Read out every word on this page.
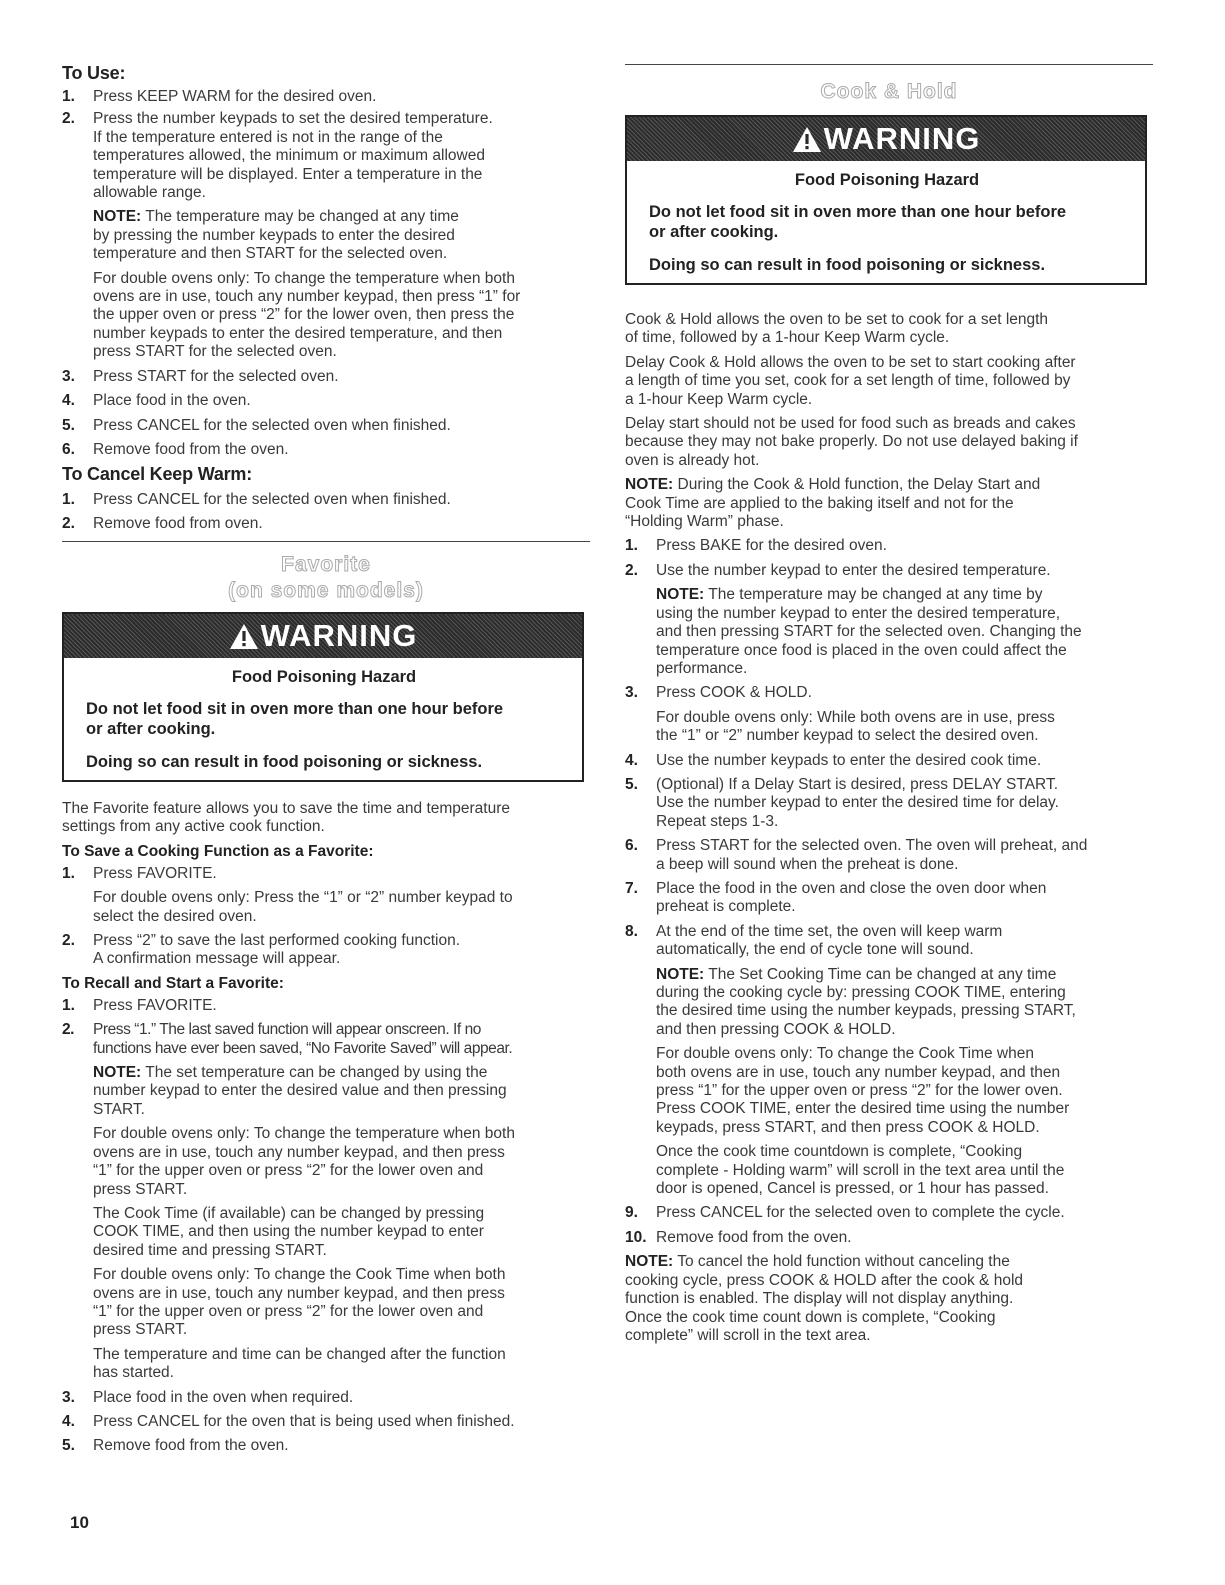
To Use:

1. Press KEEP WARM for the desired oven.

2. Press the number keypads to set the desired temperature.

If the temperature entered is not in the range of the
temperatures allowed, the minimum or maximum allowed
temperature will be displayed. Enter a temperature in the
allowable range.

NOTE: The temperature may be changed at any time
by pressing the number keypads to enter the desired
temperature and then START for the selected oven.

For double ovens only: To change the temperature when both
ovens are in use, touch any number keypad, then press “1” for
the upper oven or press “2” for the lower oven, then press the
number keypads to enter the desired temperature, and then
press START for the selected oven.

3. Press START for the selected oven.

4. Place food in the oven.

5. Press CANCEL for the selected oven when finished.

6. Remove food from the oven.

To Cancel Keep Warm:

1. Press CANCEL for the selected oven when finished.

2. Remove food from oven.

Favorite
(on some models)
WARNING
Food Poisoning Hazard
Do not let food sit in oven more than one hour before
or after cooking.
Doing so can result in food poisoning or sickness.

The Favorite feature allows you to save the time and temperature
settings from any active cook function.

To Save a Cooking Function as a Favorite:

1. Press FAVORITE.

For double ovens only: Press the “1” or “2” number keypad to
select the desired oven.

2. Press “2” to save the last performed cooking function.

A confirmation message will appear.

To Recall and Start a Favorite:

1. Press FAVORITE.

2. Press “1.” The last saved function will appear onscreen. If no
functions have ever been saved, “No Favorite Saved” will appear.

NOTE: The set temperature can be changed by using the
number keypad to enter the desired value and then pressing
START.

For double ovens only: To change the temperature when both
ovens are in use, touch any number keypad, and then press
“1” for the upper oven or press “2” for the lower oven and
press START.

The Cook Time (if available) can be changed by pressing
COOK TIME, and then using the number keypad to enter
desired time and pressing START.

For double ovens only: To change the Cook Time when both
ovens are in use, touch any number keypad, and then press
“1” for the upper oven or press “2” for the lower oven and
press START.

The temperature and time can be changed after the function
has started.

3. Place food in the oven when required.

4. Press CANCEL for the oven that is being used when finished.

5. Remove food from the oven.

Cook & Hold
WARNING
Food Poisoning Hazard
Do not let food sit in oven more than one hour before
or after cooking.
Doing so can result in food poisoning or sickness.

Cook & Hold allows the oven to be set to cook for a set length
of time, followed by a 1-hour Keep Warm cycle.

Delay Cook & Hold allows the oven to be set to start cooking after
a length of time you set, cook for a set length of time, followed by
a 1-hour Keep Warm cycle.

Delay start should not be used for food such as breads and cakes
because they may not bake properly. Do not use delayed baking if
oven is already hot.

NOTE: During the Cook & Hold function, the Delay Start and
Cook Time are applied to the baking itself and not for the
“Holding Warm” phase.

1. Press BAKE for the desired oven.

2. Use the number keypad to enter the desired temperature.

NOTE: The temperature may be changed at any time by
using the number keypad to enter the desired temperature,
and then pressing START for the selected oven. Changing the
temperature once food is placed in the oven could affect the
performance.

3. Press COOK & HOLD.

For double ovens only: While both ovens are in use, press
the “1” or “2” number keypad to select the desired oven.

4. Use the number keypads to enter the desired cook time.

5. (Optional) If a Delay Start is desired, press DELAY START.
Use the number keypad to enter the desired time for delay.
Repeat steps 1-3.

6. Press START for the selected oven. The oven will preheat, and
a beep will sound when the preheat is done.

7. Place the food in the oven and close the oven door when
preheat is complete.

8. At the end of the time set, the oven will keep warm
automatically, the end of cycle tone will sound.

NOTE: The Set Cooking Time can be changed at any time
during the cooking cycle by: pressing COOK TIME, entering
the desired time using the number keypads, pressing START,
and then pressing COOK & HOLD.

For double ovens only: To change the Cook Time when
both ovens are in use, touch any number keypad, and then
press “1” for the upper oven or press “2” for the lower oven.
Press COOK TIME, enter the desired time using the number
keypads, press START, and then press COOK & HOLD.

Once the cook time countdown is complete, “Cooking
complete - Holding warm” will scroll in the text area until the
door is opened, Cancel is pressed, or 1 hour has passed.

9. Press CANCEL for the selected oven to complete the cycle.

10. Remove food from the oven.

NOTE: To cancel the hold function without canceling the
cooking cycle, press COOK & HOLD after the cook & hold
function is enabled. The display will not display anything.
Once the cook time count down is complete, “Cooking
complete” will scroll in the text area.

10
